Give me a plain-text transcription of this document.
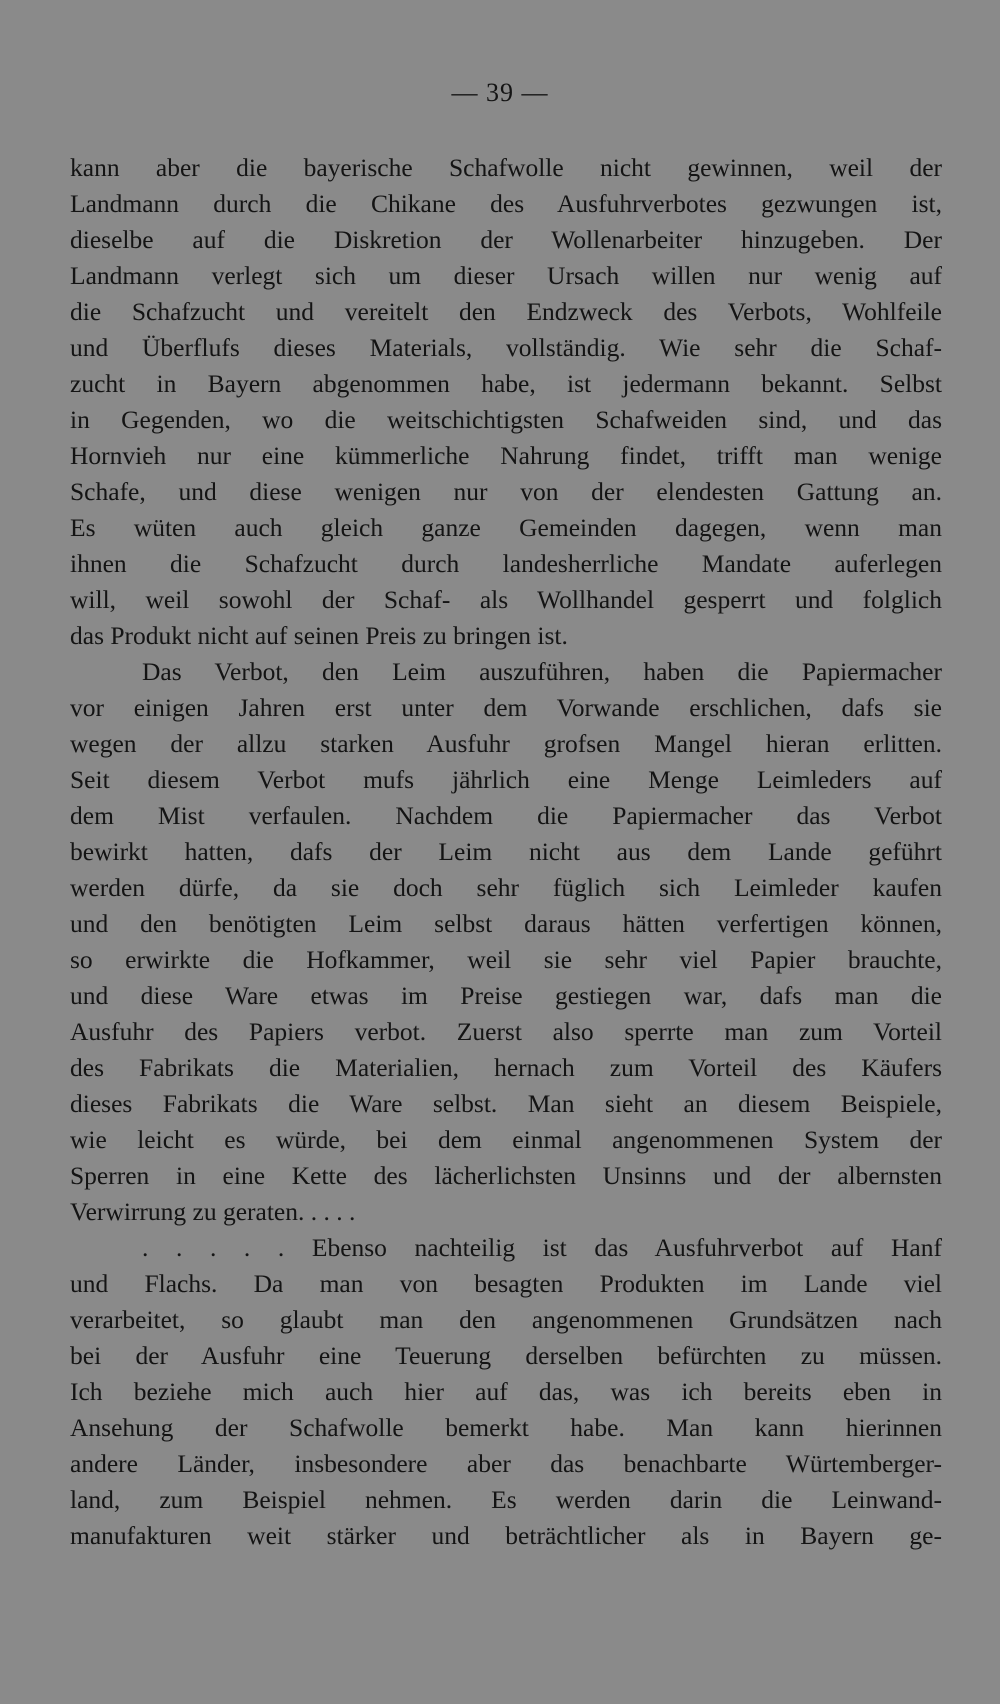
— 39 —
kann aber die bayerische Schafwolle nicht gewinnen, weil der
Landmann durch die Chikane des Ausfuhrverbotes gezwungen ist,
dieselbe auf die Diskretion der Wollenarbeiter hinzugeben. Der
Landmann verlegt sich um dieser Ursach willen nur wenig auf
die Schafzucht und vereitelt den Endzweck des Verbots, Wohlfeile
und Überflufs dieses Materials, vollständig. Wie sehr die Schaf-
zucht in Bayern abgenommen habe, ist jedermann bekannt. Selbst
in Gegenden, wo die weitschichtigsten Schafweiden sind, und das
Hornvieh nur eine kümmerliche Nahrung findet, trifft man wenige
Schafe, und diese wenigen nur von der elendesten Gattung an.
Es wüten auch gleich ganze Gemeinden dagegen, wenn man
ihnen die Schafzucht durch landesherrliche Mandate auferlegen
will, weil sowohl der Schaf- als Wollhandel gesperrt und folglich
das Produkt nicht auf seinen Preis zu bringen ist.
Das Verbot, den Leim auszuführen, haben die Papiermacher
vor einigen Jahren erst unter dem Vorwande erschlichen, dafs sie
wegen der allzu starken Ausfuhr grofsen Mangel hieran erlitten.
Seit diesem Verbot mufs jährlich eine Menge Leimleders auf
dem Mist verfaulen. Nachdem die Papiermacher das Verbot
bewirkt hatten, dafs der Leim nicht aus dem Lande geführt
werden dürfe, da sie doch sehr füglich sich Leimleder kaufen
und den benötigten Leim selbst daraus hätten verfertigen können,
so erwirkte die Hofkammer, weil sie sehr viel Papier brauchte,
und diese Ware etwas im Preise gestiegen war, dafs man die
Ausfuhr des Papiers verbot. Zuerst also sperrte man zum Vorteil
des Fabrikats die Materialien, hernach zum Vorteil des Käufers
dieses Fabrikats die Ware selbst. Man sieht an diesem Beispiele,
wie leicht es würde, bei dem einmal angenommenen System der
Sperren in eine Kette des lächerlichsten Unsinns und der albernsten
Verwirrung zu geraten. . . . .
. . . . . Ebenso nachteilig ist das Ausfuhrverbot auf Hanf
und Flachs. Da man von besagten Produkten im Lande viel
verarbeitet, so glaubt man den angenommenen Grundsätzen nach
bei der Ausfuhr eine Teuerung derselben befürchten zu müssen.
Ich beziehe mich auch hier auf das, was ich bereits eben in
Ansehung der Schafwolle bemerkt habe. Man kann hierinnen
andere Länder, insbesondere aber das benachbarte Würtemberger-
land, zum Beispiel nehmen. Es werden darin die Leinwand-
manufakturen weit stärker und beträchtlicher als in Bayern ge-
